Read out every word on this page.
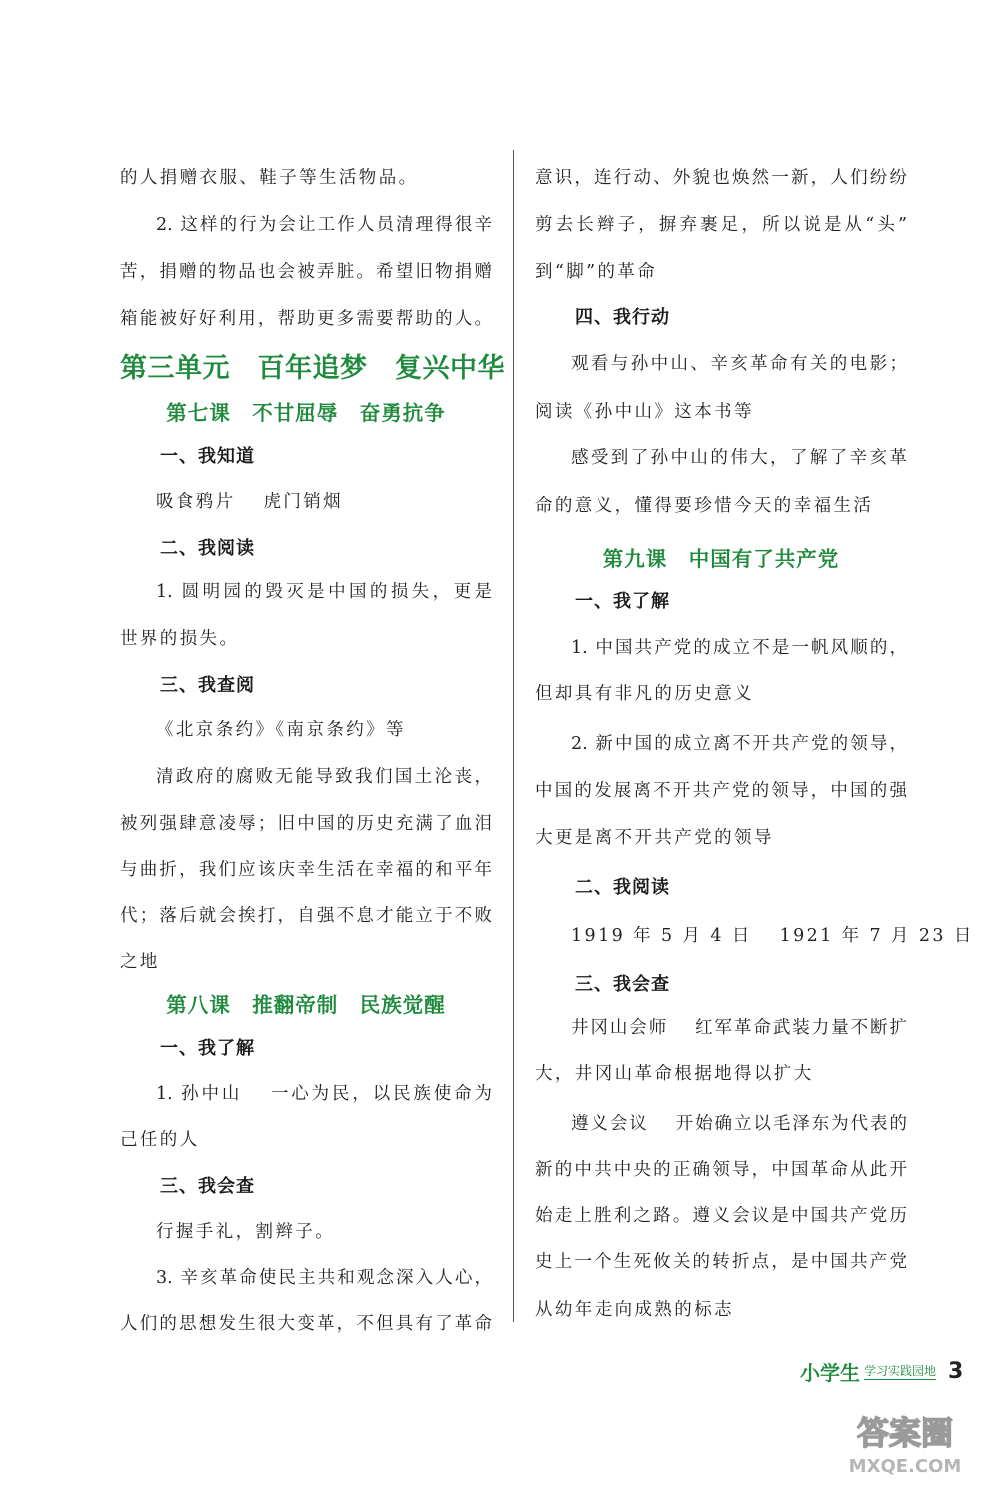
的人捐赠衣服、鞋子等生活物品。
2. 这样的行为会让工作人员清理得很辛
苦，捐赠的物品也会被弄脏。希望旧物捐赠
箱能被好好利用，帮助更多需要帮助的人。
第三单元　百年追梦　复兴中华
第七课　不甘屈辱　奋勇抗争
一、我知道
吸食鸦片　 虎门销烟
二、我阅读
1. 圆明园的毁灭是中国的损失，更是
世界的损失。
三、我查阅
《北京条约》《南京条约》等
清政府的腐败无能导致我们国土沦丧，
被列强肆意凌辱；旧中国的历史充满了血泪
与曲折，我们应该庆幸生活在幸福的和平年
代；落后就会挨打，自强不息才能立于不败
之地
第八课　推翻帝制　民族觉醒
一、我了解
1. 孙中山　 一心为民，以民族使命为
己任的人
三、我会查
行握手礼，割辫子。
3. 辛亥革命使民主共和观念深入人心，
人们的思想发生很大变革，不但具有了革命
意识，连行动、外貌也焕然一新，人们纷纷
剪去长辫子，摒弃裹足，所以说是从“头”
到“脚”的革命
四、我行动
观看与孙中山、辛亥革命有关的电影；
阅读《孙中山》这本书等
感受到了孙中山的伟大，了解了辛亥革
命的意义，懂得要珍惜今天的幸福生活
第九课　中国有了共产党
一、我了解
1. 中国共产党的成立不是一帆风顺的，
但却具有非凡的历史意义
2. 新中国的成立离不开共产党的领导，
中国的发展离不开共产党的领导，中国的强
大更是离不开共产党的领导
二、我阅读
1919 年 5 月 4 日　 1921 年 7 月 23 日
三、我会查
井冈山会师　 红军革命武装力量不断扩
大，井冈山革命根据地得以扩大
遵义会议　 开始确立以毛泽东为代表的
新的中共中央的正确领导，中国革命从此开
始走上胜利之路。遵义会议是中国共产党历
史上一个生死攸关的转折点，是中国共产党
从幼年走向成熟的标志
小学生 学习实践园地 3
答案圈
MXQE.COM
